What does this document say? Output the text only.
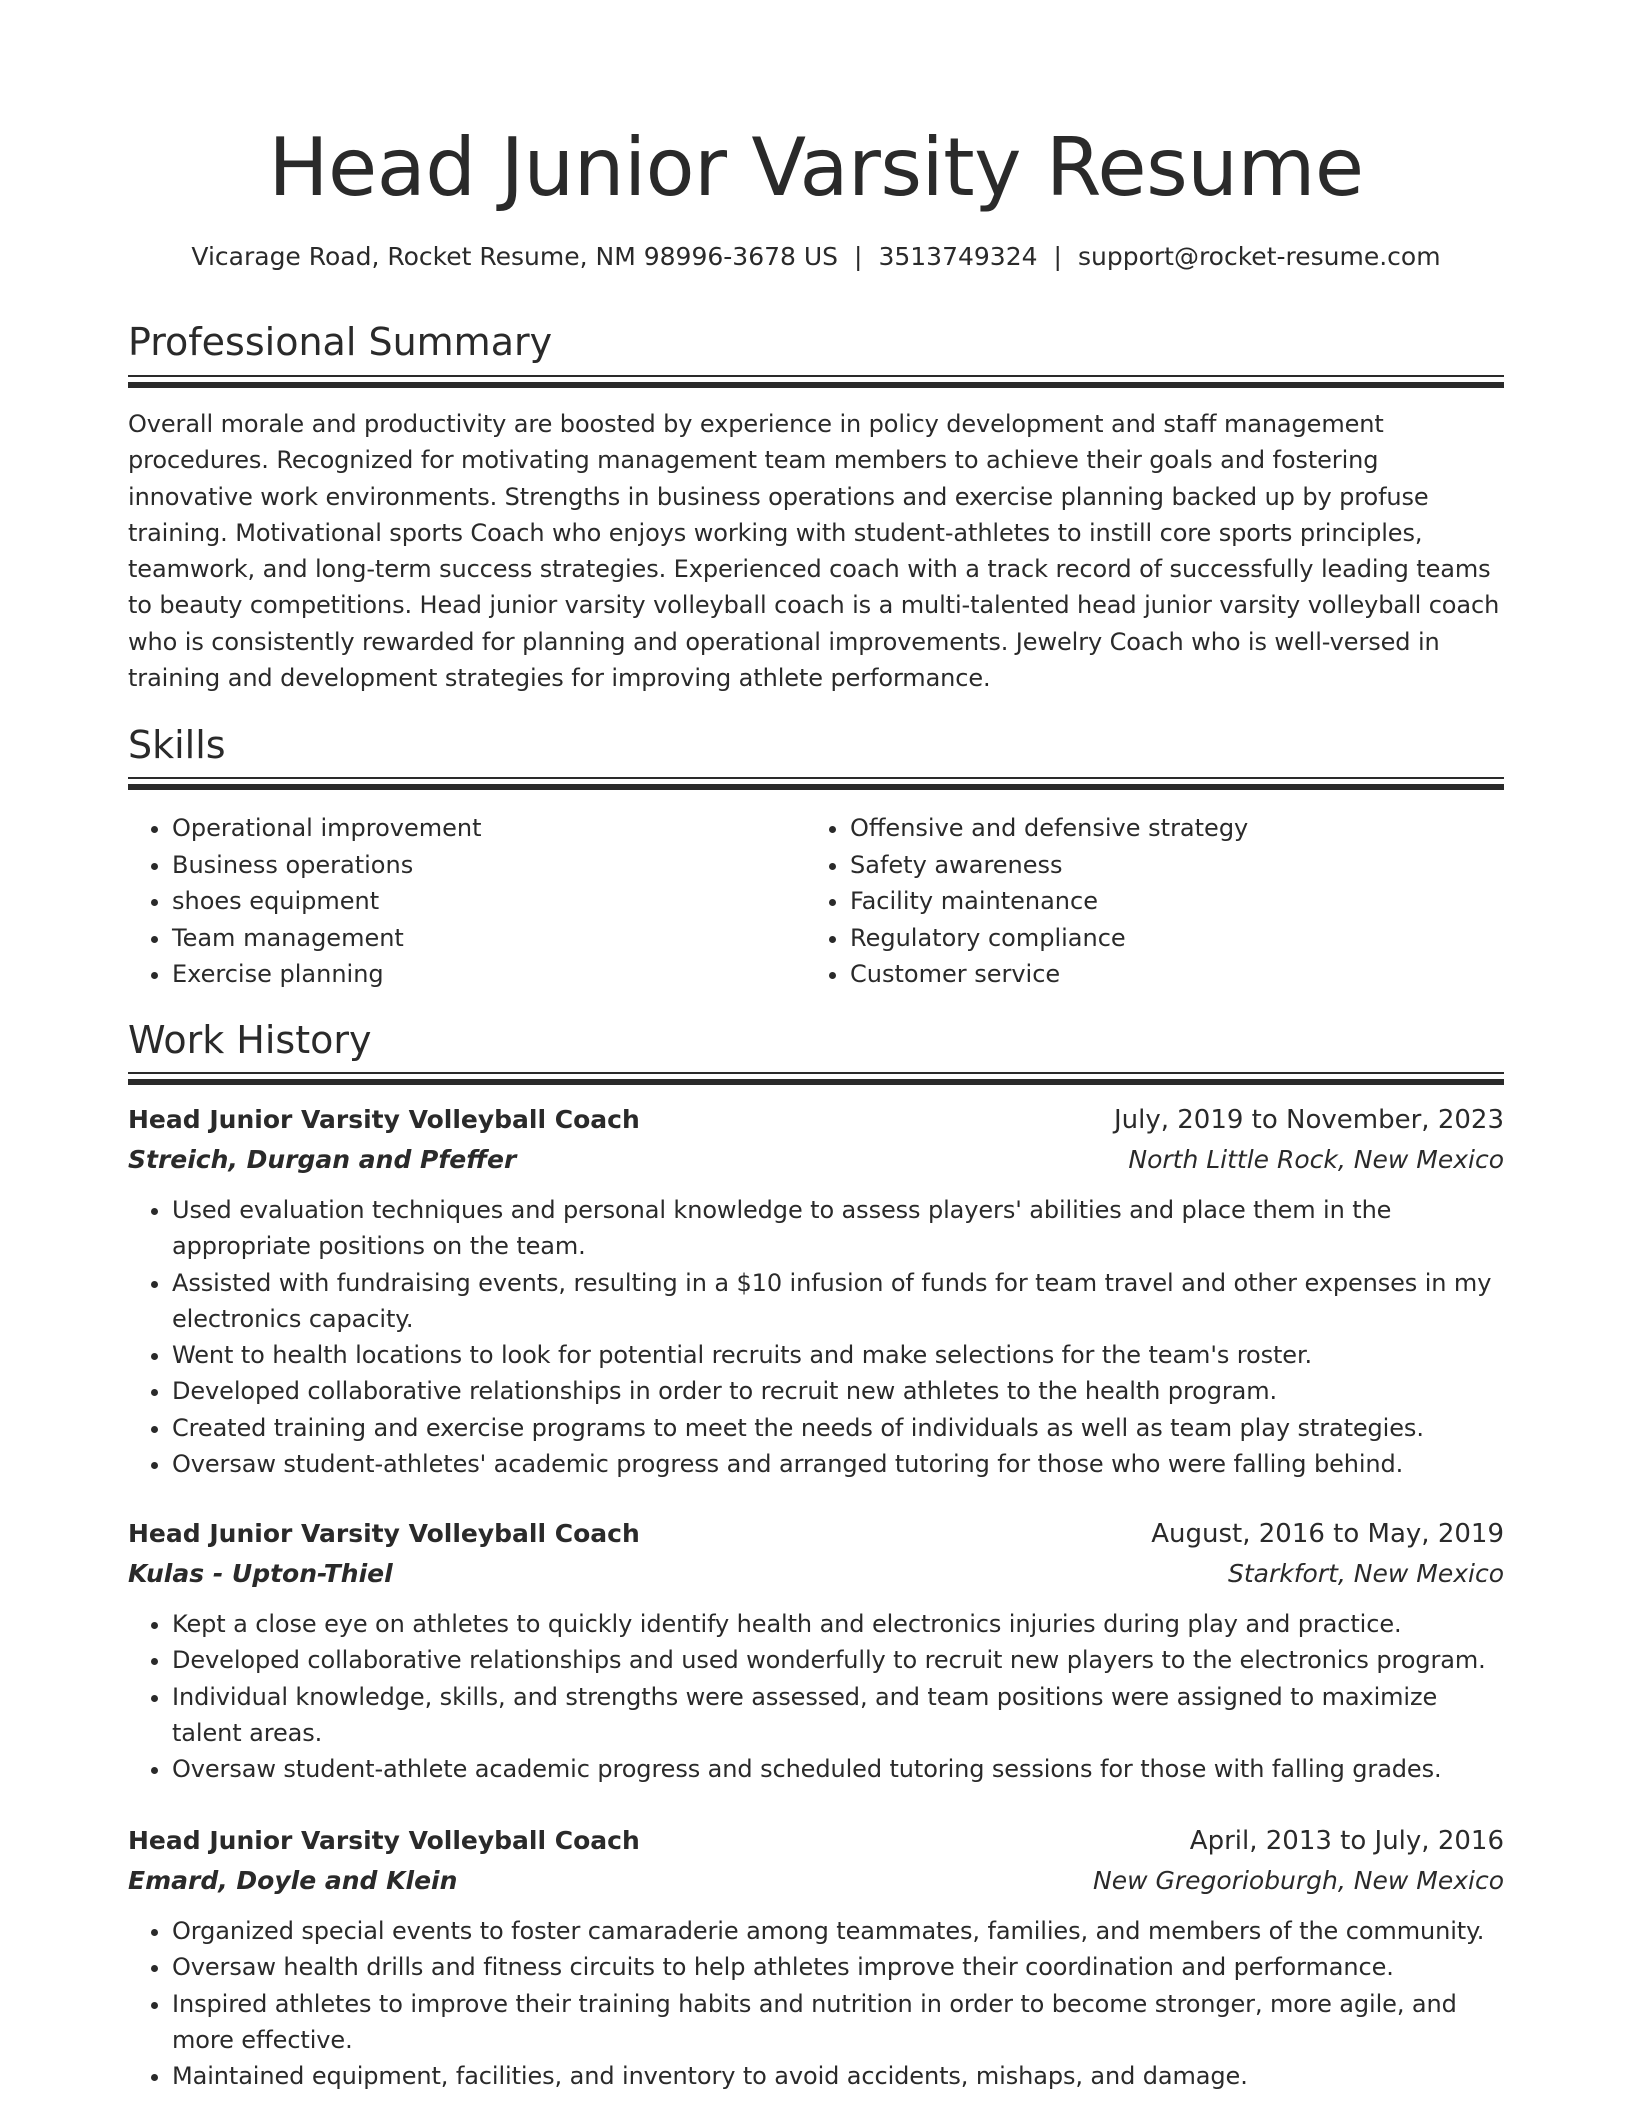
Head Junior Varsity Resume
Vicarage Road, Rocket Resume, NM 98996-3678 US | 3513749324 | support@rocket-resume.com
Professional Summary

Overall morale and productivity are boosted by experience in policy development and staff management procedures. Recognized for motivating management team members to achieve their goals and fostering innovative work environments. Strengths in business operations and exercise planning backed up by profuse training. Motivational sports Coach who enjoys working with student-athletes to instill core sports principles, teamwork, and long-term success strategies. Experienced coach with a track record of successfully leading teams to beauty competitions. Head junior varsity volleyball coach is a multi-talented head junior varsity volleyball coach who is consistently rewarded for planning and operational improvements. Jewelry Coach who is well-versed in training and development strategies for improving athlete performance.

Skills
• Operational improvement
• Business operations
• shoes equipment
• Team management
• Exercise planning
• Offensive and defensive strategy
• Safety awareness
• Facility maintenance
• Regulatory compliance
• Customer service
Work History
Head Junior Varsity Volleyball Coach	July, 2019 to November, 2023
Streich, Durgan and Pfeffer	North Little Rock, New Mexico
• Used evaluation techniques and personal knowledge to assess players' abilities and place them in the appropriate positions on the team.
• Assisted with fundraising events, resulting in a $10 infusion of funds for team travel and other expenses in my electronics capacity.
• Went to health locations to look for potential recruits and make selections for the team's roster.
• Developed collaborative relationships in order to recruit new athletes to the health program.
• Created training and exercise programs to meet the needs of individuals as well as team play strategies.
• Oversaw student-athletes' academic progress and arranged tutoring for those who were falling behind.
Head Junior Varsity Volleyball Coach	August, 2016 to May, 2019
Kulas - Upton-Thiel	Starkfort, New Mexico
• Kept a close eye on athletes to quickly identify health and electronics injuries during play and practice.
• Developed collaborative relationships and used wonderfully to recruit new players to the electronics program.
• Individual knowledge, skills, and strengths were assessed, and team positions were assigned to maximize talent areas.
• Oversaw student-athlete academic progress and scheduled tutoring sessions for those with falling grades.
Head Junior Varsity Volleyball Coach	April, 2013 to July, 2016
Emard, Doyle and Klein	New Gregorioburgh, New Mexico
• Organized special events to foster camaraderie among teammates, families, and members of the community.
• Oversaw health drills and fitness circuits to help athletes improve their coordination and performance.
• Inspired athletes to improve their training habits and nutrition in order to become stronger, more agile, and more effective.
• Maintained equipment, facilities, and inventory to avoid accidents, mishaps, and damage.
